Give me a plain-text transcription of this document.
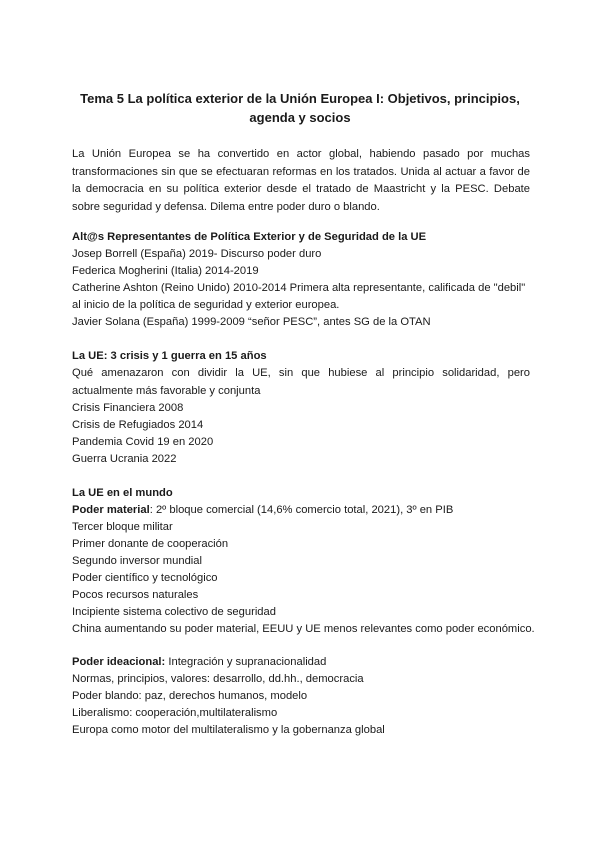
Tema 5 La política exterior de la Unión Europea I: Objetivos, principios,
agenda y socios
La Unión Europea se ha convertido en actor global, habiendo pasado por muchas transformaciones sin que se efectuaran reformas en los tratados. Unida al actuar a favor de la democracia en su política exterior desde el tratado de Maastricht y la PESC. Debate sobre seguridad y defensa. Dilema entre poder duro o blando.
Alt@s Representantes de Política Exterior y de Seguridad de la UE
Josep Borrell (España) 2019- Discurso poder duro
Federica Mogherini (Italia) 2014-2019
Catherine Ashton (Reino Unido) 2010-2014 Primera alta representante, calificada de "debil"
al inicio de la política de seguridad y exterior europea.
Javier Solana (España) 1999-2009 “señor PESC”, antes SG de la OTAN
La UE: 3 crisis y 1 guerra en 15 años
Qué amenazaron con dividir la UE, sin que hubiese al principio solidaridad, pero actualmente más favorable y conjunta
Crisis Financiera 2008
Crisis de Refugiados 2014
Pandemia Covid 19 en 2020
Guerra Ucrania 2022
La UE en el mundo
Poder material: 2º bloque comercial (14,6% comercio total, 2021), 3º en PIB
Tercer bloque militar
Primer donante de cooperación
Segundo inversor mundial
Poder científico y tecnológico
Pocos recursos naturales
Incipiente sistema colectivo de seguridad
China aumentando su poder material, EEUU y UE menos relevantes como poder económico.
Poder ideacional: Integración y supranacionalidad
Normas, principios, valores: desarrollo, dd.hh., democracia
Poder blando: paz, derechos humanos, modelo
Liberalismo: cooperación,multilateralismo
Europa como motor del multilateralismo y la gobernanza global
